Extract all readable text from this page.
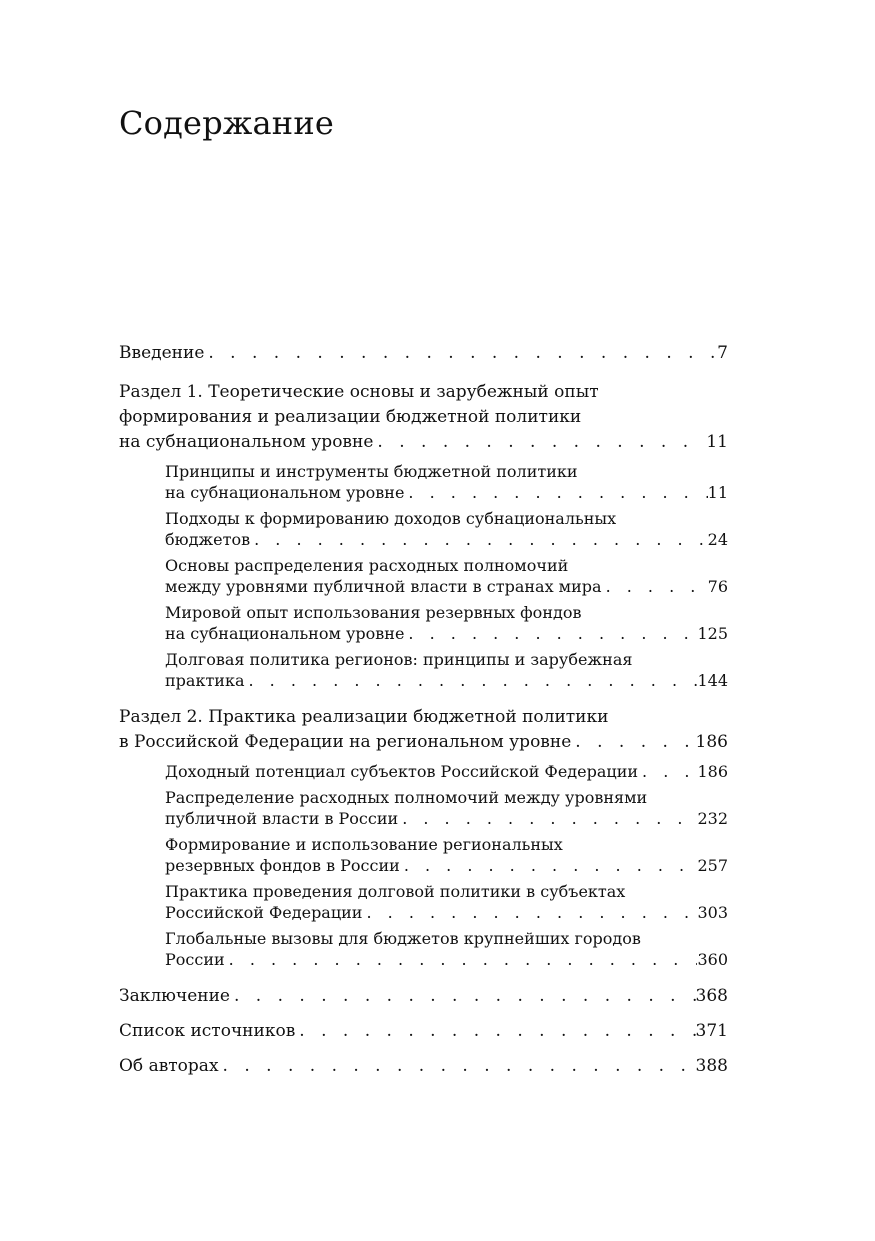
Содержание
Введение . . .	7
Раздел 1. Теоретические основы и зарубежный опыт
формирования и реализации бюджетной политики
на субнациональном уровне . . .	11
Принципы и инструменты бюджетной политики
на субнациональном уровне . . .	11
Подходы к формированию доходов субнациональных
бюджетов . . .	24
Основы распределения расходных полномочий
между уровнями публичной власти в странах мира . . .	76
Мировой опыт использования резервных фондов
на субнациональном уровне . . .	125
Долговая политика регионов: принципы и зарубежная
практика . . .	144
Раздел 2. Практика реализации бюджетной политики
в Российской Федерации на региональном уровне . . .	186
Доходный потенциал субъектов Российской Федерации . . .	186
Распределение расходных полномочий между уровнями
публичной власти в России . . .	232
Формирование и использование региональных
резервных фондов в России . . .	257
Практика проведения долговой политики в субъектах
Российской Федерации . . .	303
Глобальные вызовы для бюджетов крупнейших городов
России . . .	360
Заключение . . .	368
Список источников . . .	371
Об авторах . . .	388
